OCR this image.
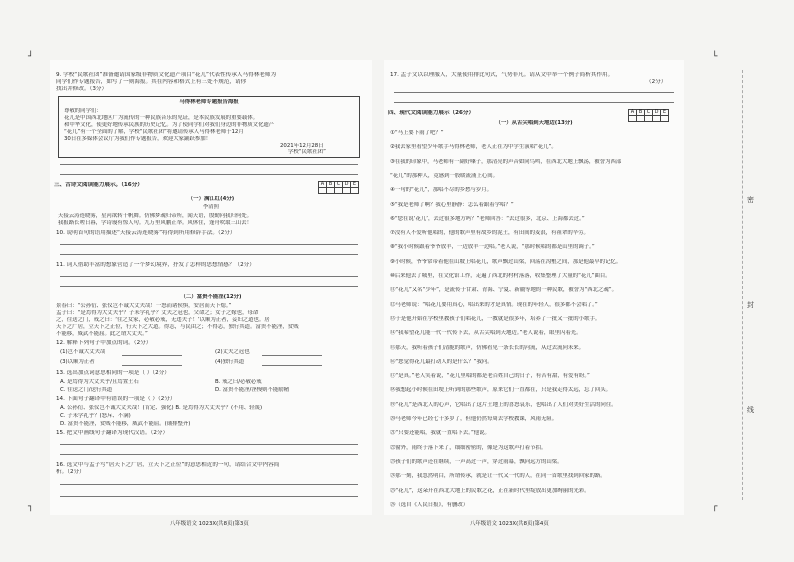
┘	└
┐	┌
密
封
线
9. 学校“民歌社团”准备邀请国家级非物质文化遗产项目“花儿”代表性传承人马得林老师为
同学们作专题报告，如写了一则海报。其在内容和格式上有三处不规范，请你
找出并修改。（3分）
马得林老师专题报告海报
尊敬的同学们：
花儿是中国西北地区广为流传的一种民族音乐的见证，是本民族发展的重要载体。
和中华文化，使更好地传承民族的历史记忆。为了使同学们对我们身边的非物质文化遗产
“花儿”有一个全面的了解，学校“民歌社团”将邀请传承人马得林老师于12月
30日在多媒体会议厅为我们作专题报告，欢迎大家踊跃参加！
2021年12月28日
学校“民歌社团”
三、古诗文阅读能力展示。（16分）	A	B	C	D	E

（一）满江红(4分)
李清照
天接云涛连晓雾，星河欲转千帆舞。仿佛梦魂归帝所，闻天语，殷勤问我归何处。
我报路长嗟日暮，学诗谩有惊人句。九万里风鹏正举。风休住，蓬舟吹取三山去！
10. 说明首句的语用描述“天接云涛连晓雾”将得到所用修辞手法。（2分）
11. 词人借助丰富的想象营造了一个梦幻境界，抒发了怎样的思想情感？（2分）
（二）富贵不能淫(12分)
景春曰：“公孙衍、张仪岂不诚大丈夫哉！一怒而诸侯惧，安居而天下熄。”
孟子曰：“是焉得为大丈夫乎？子未学礼乎？丈夫之冠也，父命之；女子之嫁也，母命
之，往送之门，戒之曰：‘往之女家，必敬必戒，无违夫子！’以顺为正者，妾妇之道也。居
天下之广居，立天下之正位，行天下之大道。得志，与民由之；不得志，独行其道。富贵不能淫，贫贱
不能移，威武不能屈。此之谓大丈夫。”
12. 解释下列句子中加点的词。（2分）
(1)岂不诚大丈夫哉	(2)丈夫之冠也
(3)以顺为正者	(4)独行其道
13. 选出加点词意思相同的一项是（ ）（2分）
A. 是焉得为大丈夫乎/且焉置土石	B. 戒之曰/必敬必戒
C. 往送之门/送行其道	D. 富贵不能淫/淫慢则不能励精
14. 下面句子翻译中有错误的一项是（ ）（2分）
A. 公孙衍、张仪岂不诚大丈夫哉！(肯定、强化) B. 是焉得为大丈夫乎？(不用、轻蔑)
C. 子未学礼乎？(怒斥、不满)
D. 富贵不能淫，贫贱不能移，威武不能屈。(铺排整齐)
15. 把文中画线句子翻译为现代汉语。（2分）
16. 选文中与孟子写“居天下之广居，立天下之正位”的意思相近的一句，请结合文中内容简
析。（2分）
八年级语文 1023X(共8页)第3页
17. 孟子文以以理服人，大量使用排比句式，气势非凡。请从文中举一个例子简析其作用。
（2分）
四、现代文阅读能力展示（26分）	A	B	C	D	E

（一）从舌尖唱到天地边(13分)
①“马上要下雨了吧？”
②我去家里看望少年歌手马得林老师，老人正在为中学生演唱“花儿”。
③在我的印象中，马老师有一副好嗓子，那清亮的声音如同鸟鸣，在西北大地上飘荡，被誉为西部
“花儿”的那种人，竟感到一股暖流涌上心间。
④一句的“花儿”，那唱不尽的乡愁与岁月。
⑤“我是老师了啊？我心里静静：怎么着跟着学唱？”
⑥“您在说‘花儿’，去过很多地方吗？”老师回答：“去过很多，北京、上海都去过。”
⑦没有人不爱听他唱的，他的歌声里有故乡的泥土，有田间的麦浪，有祖辈的辛劳。
⑧“我小时候跟着爷爷放羊，一边放羊一边唱。”老人说，“那时候唱的都是山里的调子。”
⑨小时候，爷爷常带着他在山坡上唱花儿，歌声飘过山梁，回荡在沟壑之间，那是他最早的记忆。
⑩后来他去了城里，在文化馆工作，走遍了西北的村村落落，收集整理了大量的“花儿”曲目。
⑪“花儿”又名“少年”，是流传于甘肃、青海、宁夏、新疆等地的一种民歌，被誉为“西北之魂”。
⑫马老师说：“唱花儿要用真心，唱出来的才是真情。现在的年轻人，很多都不会唱了。”
⑬于是他开始在学校里教孩子们唱花儿，一教就是很多年，培养了一批又一批的小歌手。
⑭“我希望花儿能一代一代传下去，从舌尖唱到天地边。”老人说着，眼里闪着光。
⑮那天，我听着孩子们清脆的歌声，仿佛看见一条长长的河流，从过去流向未来。
⑯“您觉得花儿最打动人的是什么？”我问。
⑰“是真。”老人笑着说，“花儿里唱的都是老百姓自己的日子，有苦有甜，有爱有盼。”
⑱我想起小时候在田埂上听到的那些歌声，原来它们一直都在，只是我走得太远，忘了回头。
⑲“花儿”是西北人的心声，它唱出了这片土地上的喜怒哀乐，也唱出了人们对美好生活的向往。
⑳马老师今年已经七十多岁了，但他仍然每周去学校教课，风雨无阻。
㉑“只要还能唱，我就一直唱下去。”他说。
㉒窗外，雨终于落下来了，细细密密的，像是为这歌声打着节拍。
㉓孩子们的歌声还在继续，一声高过一声，穿过雨幕，飘向远方的山梁。
㉔那一刻，我忽然明白，所谓传承，就是让一代又一代的人，在同一首歌里找到回家的路。
㉕“花儿”，这朵开在西北大地上的民歌之花，正在新时代里绽放出更加绚丽的光彩。
㉖（选自《人民日报》，有删改）
八年级语文 1023X(共8页)第4页
